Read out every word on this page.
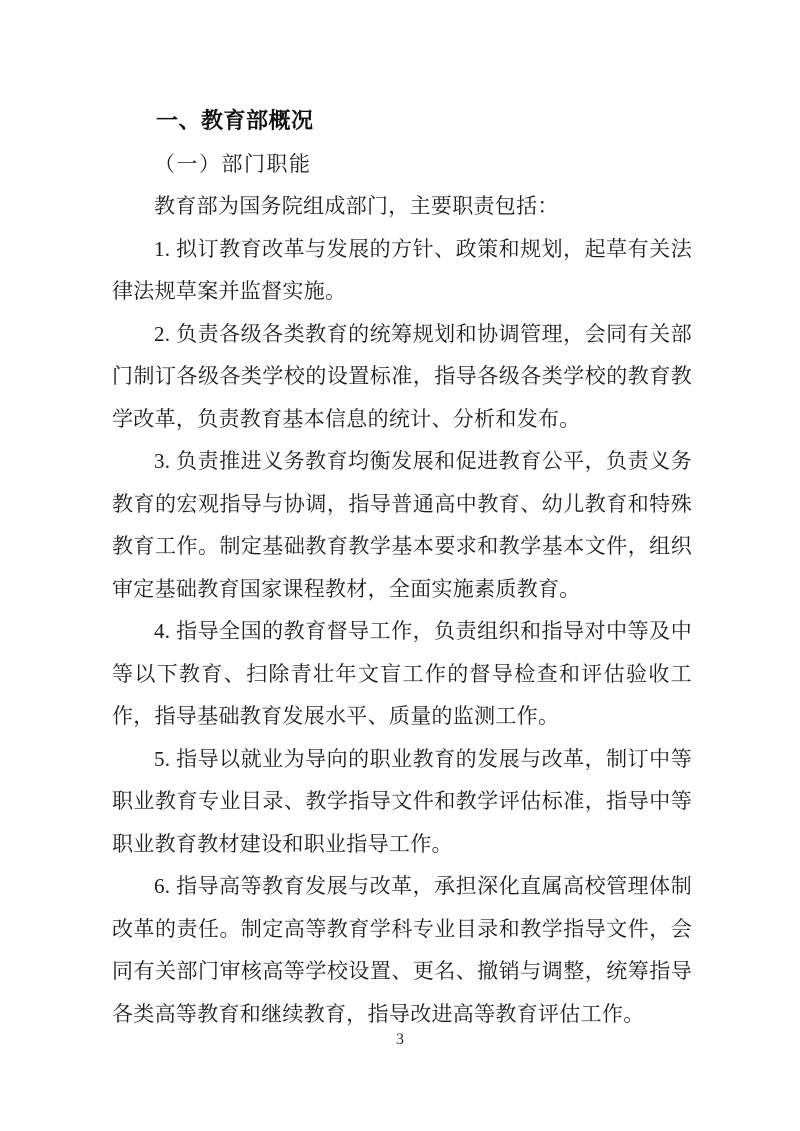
一、教育部概况
（一）部门职能

教育部为国务院组成部门，主要职责包括：

1. 拟订教育改革与发展的方针、政策和规划，起草有关法律法规草案并监督实施。

2. 负责各级各类教育的统筹规划和协调管理，会同有关部门制订各级各类学校的设置标准，指导各级各类学校的教育教学改革，负责教育基本信息的统计、分析和发布。

3. 负责推进义务教育均衡发展和促进教育公平，负责义务教育的宏观指导与协调，指导普通高中教育、幼儿教育和特殊教育工作。制定基础教育教学基本要求和教学基本文件，组织审定基础教育国家课程教材，全面实施素质教育。

4. 指导全国的教育督导工作，负责组织和指导对中等及中等以下教育、扫除青壮年文盲工作的督导检查和评估验收工作，指导基础教育发展水平、质量的监测工作。

5. 指导以就业为导向的职业教育的发展与改革，制订中等职业教育专业目录、教学指导文件和教学评估标准，指导中等职业教育教材建设和职业指导工作。

6. 指导高等教育发展与改革，承担深化直属高校管理体制改革的责任。制定高等教育学科专业目录和教学指导文件，会同有关部门审核高等学校设置、更名、撤销与调整，统筹指导各类高等教育和继续教育，指导改进高等教育评估工作。

3
